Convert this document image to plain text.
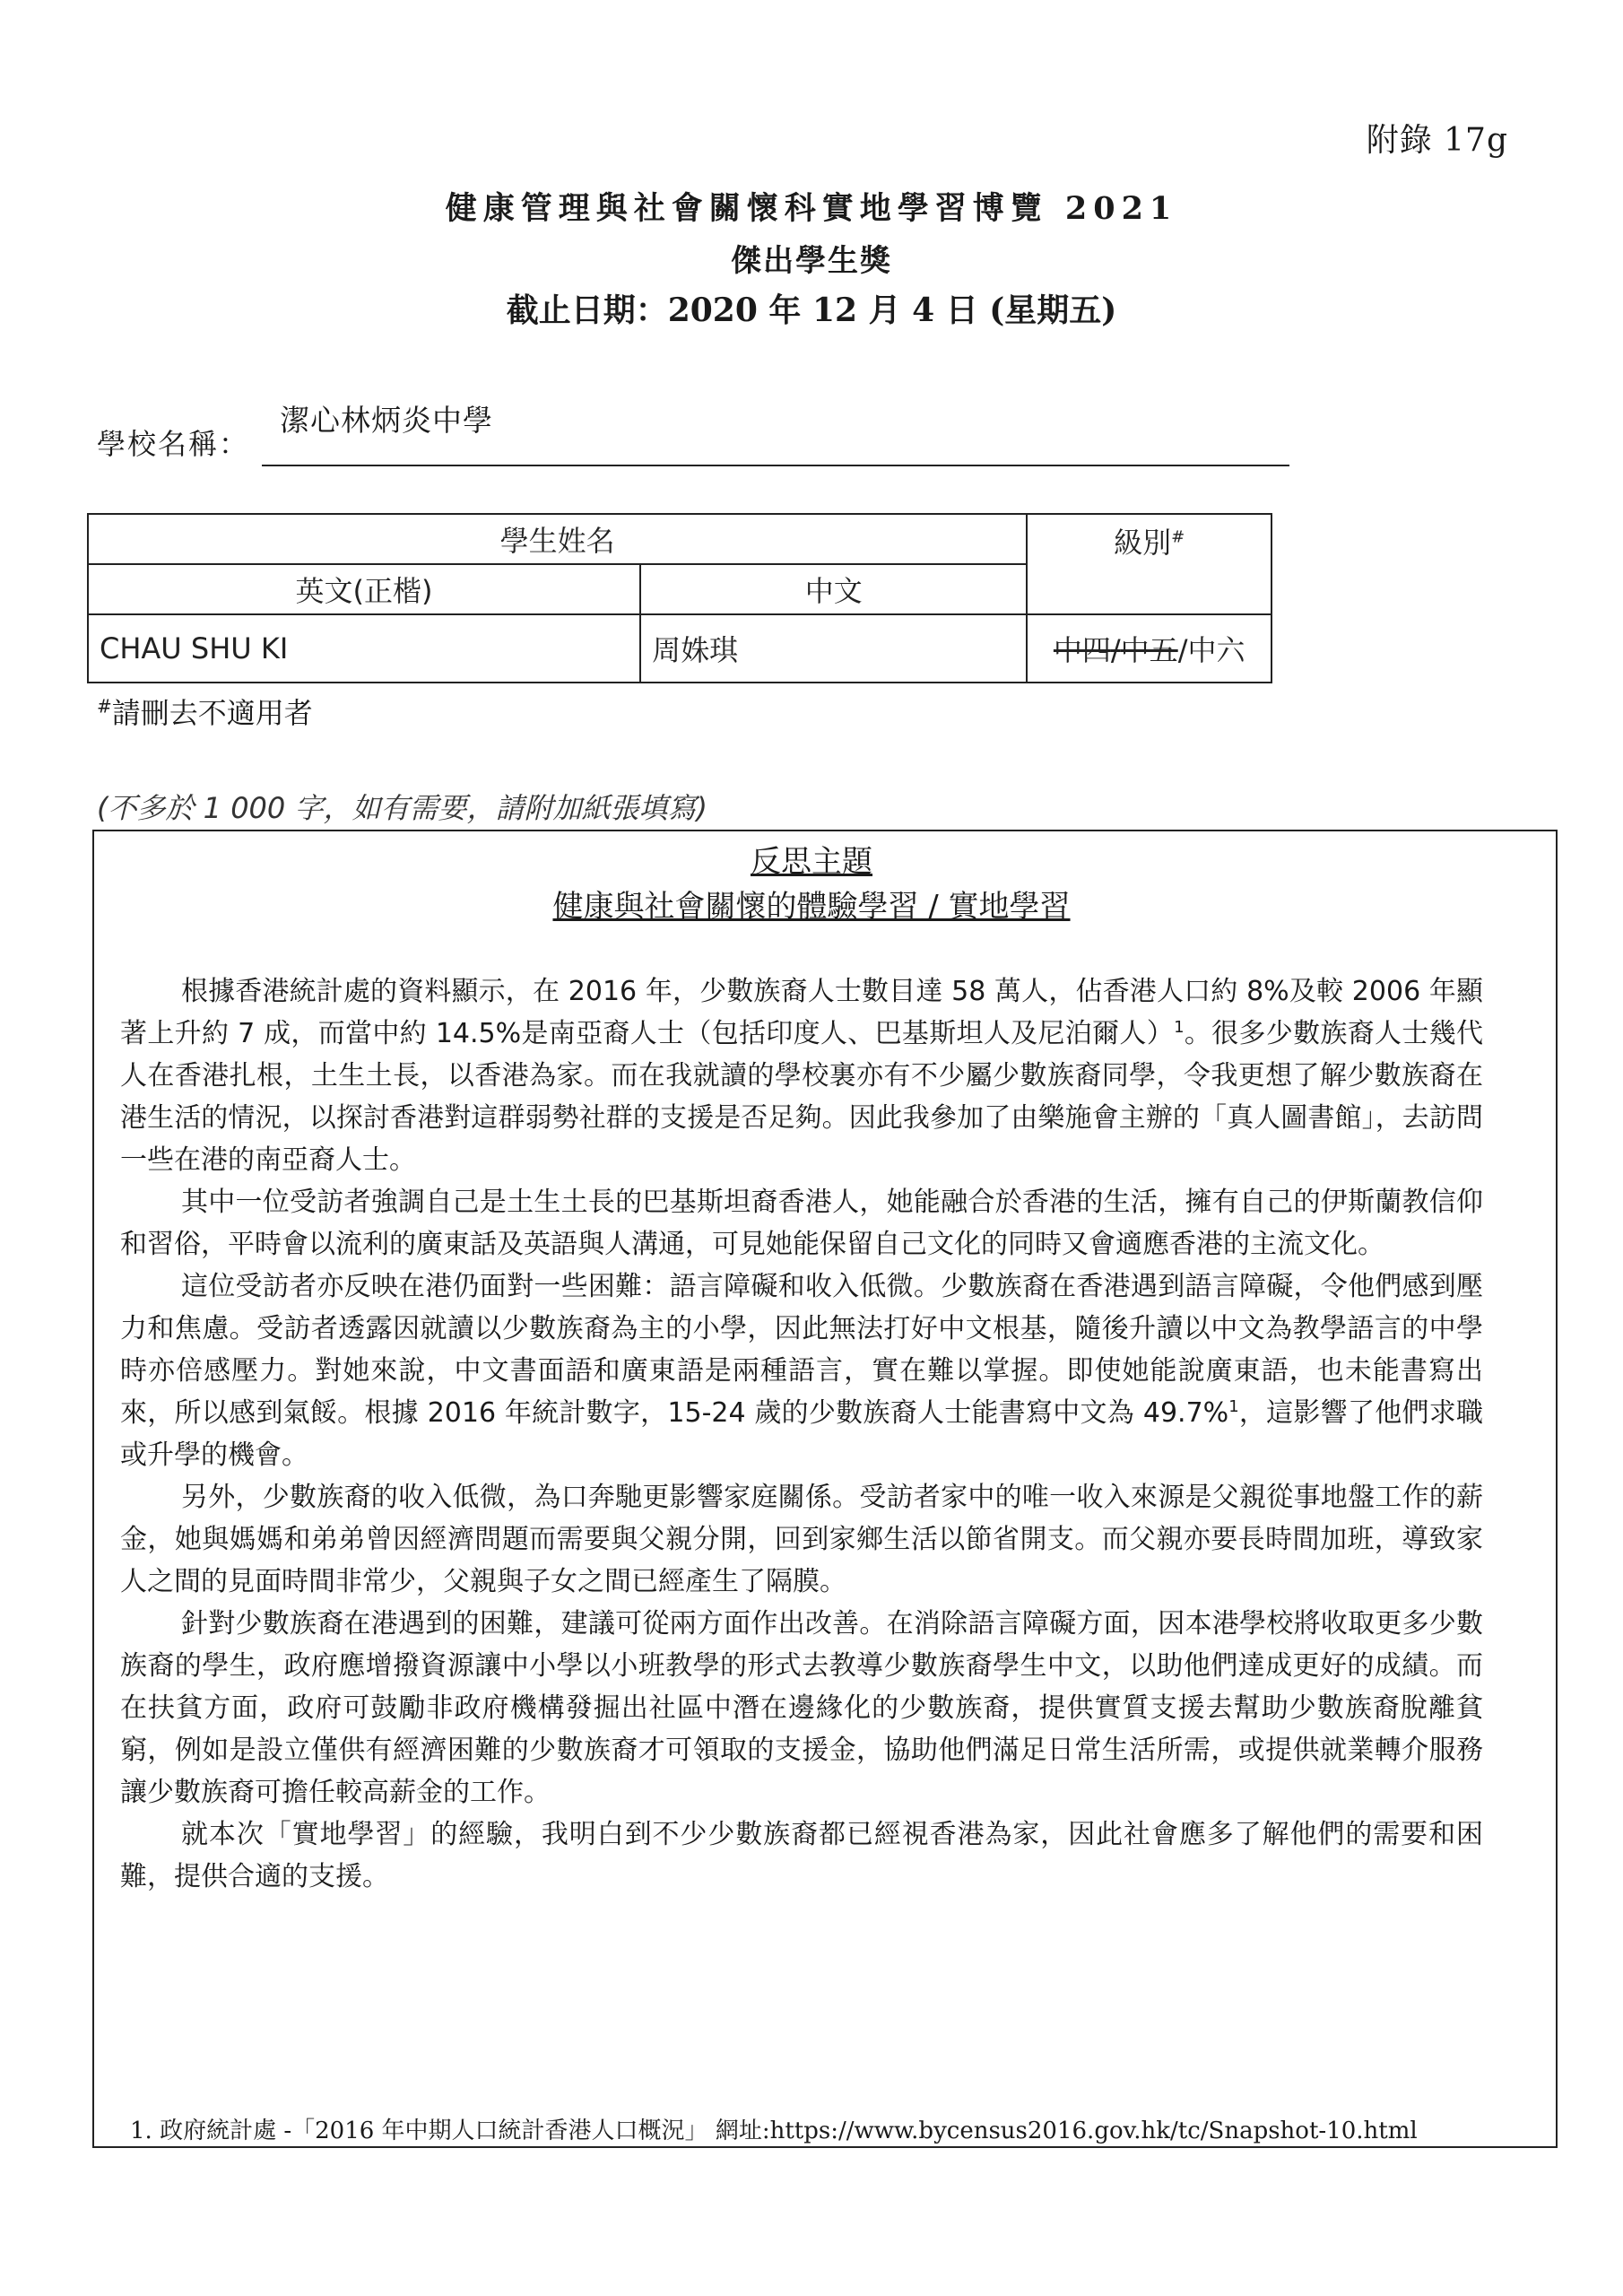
附錄 17g
健康管理與社會關懷科實地學習博覽 2021
傑出學生獎
截止日期：2020 年 12 月 4 日 (星期五)
學校名稱：
潔心林炳炎中學
學生姓名		級別#
英文(正楷)	中文	
CHAU SHU KI	周姝琪	中四/中五/中六
#請刪去不適用者
(不多於 1 000 字，如有需要，請附加紙張填寫)
反思主題
健康與社會關懷的體驗學習 / 實地學習

根據香港統計處的資料顯示，在 2016 年，少數族裔人士數目達 58 萬人，佔香港人口約 8%及較 2006 年顯著上升約 7 成，而當中約 14.5%是南亞裔人士（包括印度人、巴基斯坦人及尼泊爾人）$^1$。很多少數族裔人士幾代人在香港扎根，土生土長，以香港為家。而在我就讀的學校裏亦有不少屬少數族裔同學，令我更想了解少數族裔在港生活的情況，以探討香港對這群弱勢社群的支援是否足夠。因此我參加了由樂施會主辦的「真人圖書館」，去訪問一些在港的南亞裔人士。

其中一位受訪者強調自己是土生土長的巴基斯坦裔香港人，她能融合於香港的生活，擁有自己的伊斯蘭教信仰和習俗，平時會以流利的廣東話及英語與人溝通，可見她能保留自己文化的同時又會適應香港的主流文化。

這位受訪者亦反映在港仍面對一些困難：語言障礙和收入低微。少數族裔在香港遇到語言障礙，令他們感到壓力和焦慮。受訪者透露因就讀以少數族裔為主的小學，因此無法打好中文根基，隨後升讀以中文為教學語言的中學時亦倍感壓力。對她來說，中文書面語和廣東語是兩種語言，實在難以掌握。即使她能說廣東語，也未能書寫出來，所以感到氣餒。根據 2016 年統計數字，15-24 歲的少數族裔人士能書寫中文為 49.7%$^1$，這影響了他們求職或升學的機會。

另外，少數族裔的收入低微，為口奔馳更影響家庭關係。受訪者家中的唯一收入來源是父親從事地盤工作的薪金，她與媽媽和弟弟曾因經濟問題而需要與父親分開，回到家鄉生活以節省開支。而父親亦要長時間加班，導致家人之間的見面時間非常少，父親與子女之間已經產生了隔膜。

針對少數族裔在港遇到的困難，建議可從兩方面作出改善。在消除語言障礙方面，因本港學校將收取更多少數族裔的學生，政府應增撥資源讓中小學以小班教學的形式去教導少數族裔學生中文，以助他們達成更好的成績。而在扶貧方面，政府可鼓勵非政府機構發掘出社區中潛在邊緣化的少數族裔，提供實質支援去幫助少數族裔脫離貧窮，例如是設立僅供有經濟困難的少數族裔才可領取的支援金，協助他們滿足日常生活所需，或提供就業轉介服務讓少數族裔可擔任較高薪金的工作。

就本次「實地學習」的經驗，我明白到不少少數族裔都已經視香港為家，因此社會應多了解他們的需要和困難，提供合適的支援。

1. 政府統計處 -「2016 年中期人口統計香港人口概況」 網址:https://www.bycensus2016.gov.hk/tc/Snapshot-10.html
